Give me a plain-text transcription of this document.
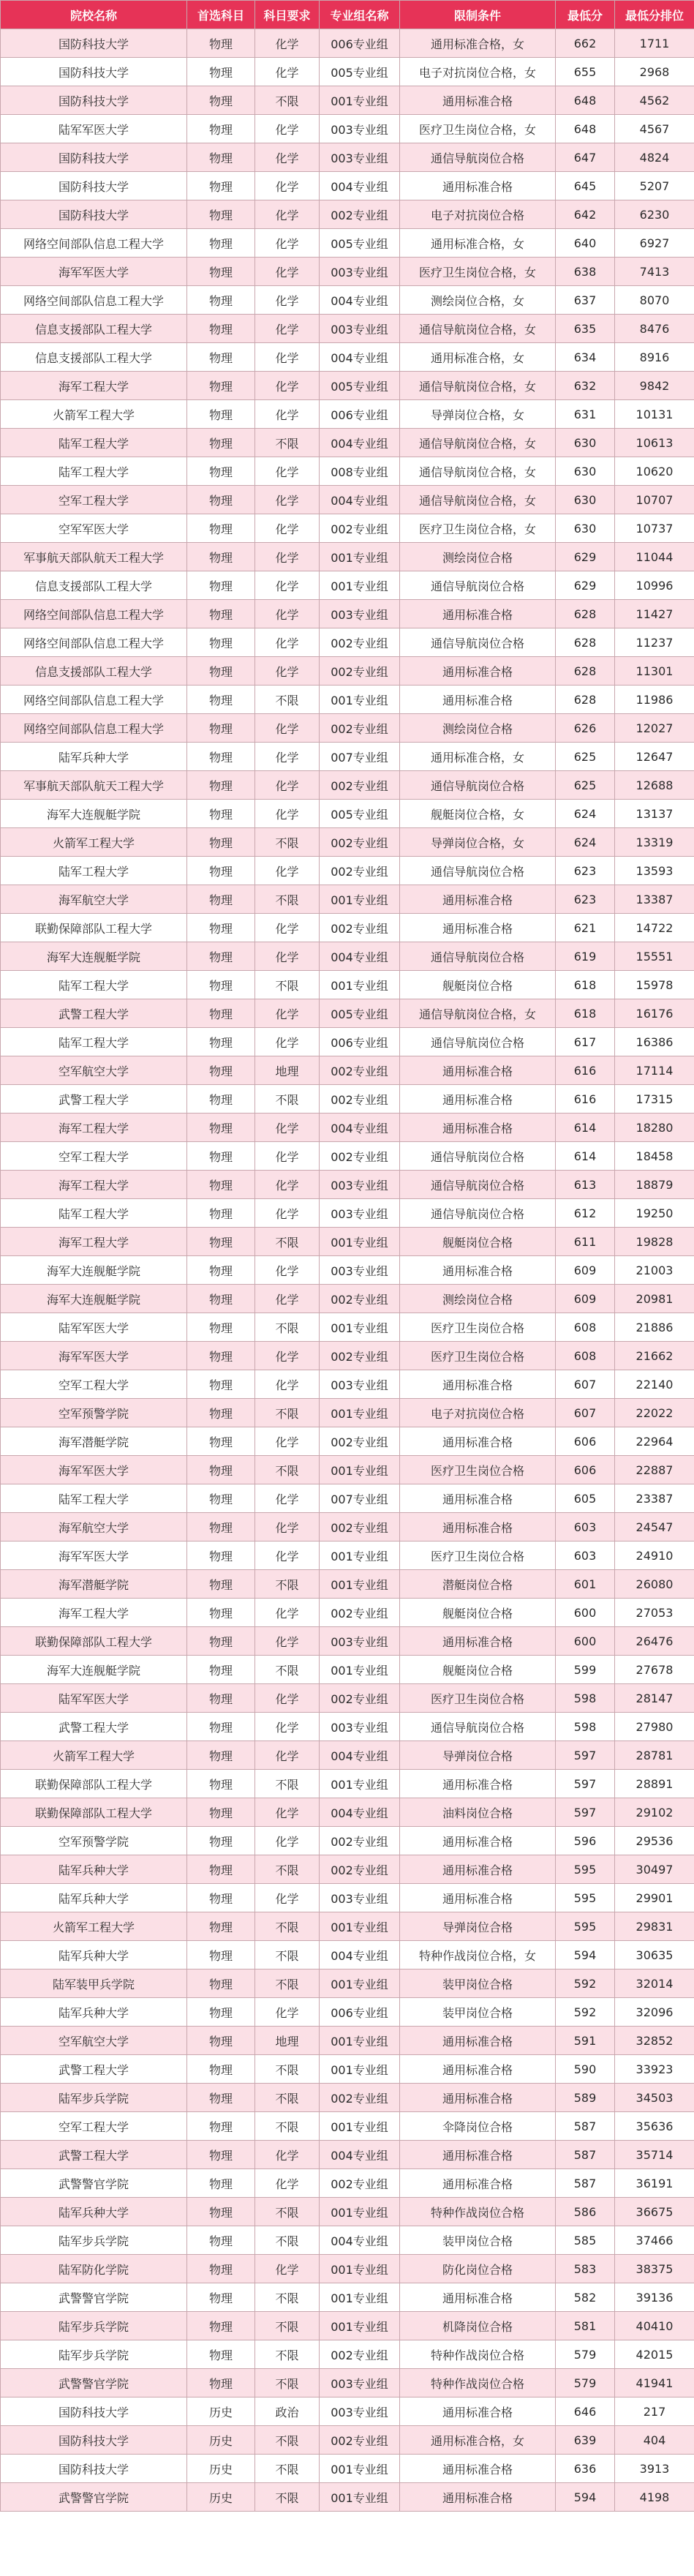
院校名称	首选科目	科目要求	专业组名称	限制条件	最低分	最低分排位
国防科技大学	物理	化学	006专业组	通用标准合格，女	662	1711
国防科技大学	物理	化学	005专业组	电子对抗岗位合格，女	655	2968
国防科技大学	物理	不限	001专业组	通用标准合格	648	4562
陆军军医大学	物理	化学	003专业组	医疗卫生岗位合格，女	648	4567
国防科技大学	物理	化学	003专业组	通信导航岗位合格	647	4824
国防科技大学	物理	化学	004专业组	通用标准合格	645	5207
国防科技大学	物理	化学	002专业组	电子对抗岗位合格	642	6230
网络空间部队信息工程大学	物理	化学	005专业组	通用标准合格，女	640	6927
海军军医大学	物理	化学	003专业组	医疗卫生岗位合格，女	638	7413
网络空间部队信息工程大学	物理	化学	004专业组	测绘岗位合格，女	637	8070
信息支援部队工程大学	物理	化学	003专业组	通信导航岗位合格，女	635	8476
信息支援部队工程大学	物理	化学	004专业组	通用标准合格，女	634	8916
海军工程大学	物理	化学	005专业组	通信导航岗位合格，女	632	9842
火箭军工程大学	物理	化学	006专业组	导弹岗位合格，女	631	10131
陆军工程大学	物理	不限	004专业组	通信导航岗位合格，女	630	10613
陆军工程大学	物理	化学	008专业组	通信导航岗位合格，女	630	10620
空军工程大学	物理	化学	004专业组	通信导航岗位合格，女	630	10707
空军军医大学	物理	化学	002专业组	医疗卫生岗位合格，女	630	10737
军事航天部队航天工程大学	物理	化学	001专业组	测绘岗位合格	629	11044
信息支援部队工程大学	物理	化学	001专业组	通信导航岗位合格	629	10996
网络空间部队信息工程大学	物理	化学	003专业组	通用标准合格	628	11427
网络空间部队信息工程大学	物理	化学	002专业组	通信导航岗位合格	628	11237
信息支援部队工程大学	物理	化学	002专业组	通用标准合格	628	11301
网络空间部队信息工程大学	物理	不限	001专业组	通用标准合格	628	11986
网络空间部队信息工程大学	物理	化学	002专业组	测绘岗位合格	626	12027
陆军兵种大学	物理	化学	007专业组	通用标准合格，女	625	12647
军事航天部队航天工程大学	物理	化学	002专业组	通信导航岗位合格	625	12688
海军大连舰艇学院	物理	化学	005专业组	舰艇岗位合格，女	624	13137
火箭军工程大学	物理	不限	002专业组	导弹岗位合格，女	624	13319
陆军工程大学	物理	化学	002专业组	通信导航岗位合格	623	13593
海军航空大学	物理	不限	001专业组	通用标准合格	623	13387
联勤保障部队工程大学	物理	化学	002专业组	通用标准合格	621	14722
海军大连舰艇学院	物理	化学	004专业组	通信导航岗位合格	619	15551
陆军工程大学	物理	不限	001专业组	舰艇岗位合格	618	15978
武警工程大学	物理	化学	005专业组	通信导航岗位合格，女	618	16176
陆军工程大学	物理	化学	006专业组	通信导航岗位合格	617	16386
空军航空大学	物理	地理	002专业组	通用标准合格	616	17114
武警工程大学	物理	不限	002专业组	通用标准合格	616	17315
海军工程大学	物理	化学	004专业组	通用标准合格	614	18280
空军工程大学	物理	化学	002专业组	通信导航岗位合格	614	18458
海军工程大学	物理	化学	003专业组	通信导航岗位合格	613	18879
陆军工程大学	物理	化学	003专业组	通信导航岗位合格	612	19250
海军工程大学	物理	不限	001专业组	舰艇岗位合格	611	19828
海军大连舰艇学院	物理	化学	003专业组	通用标准合格	609	21003
海军大连舰艇学院	物理	化学	002专业组	测绘岗位合格	609	20981
陆军军医大学	物理	不限	001专业组	医疗卫生岗位合格	608	21886
海军军医大学	物理	化学	002专业组	医疗卫生岗位合格	608	21662
空军工程大学	物理	化学	003专业组	通用标准合格	607	22140
空军预警学院	物理	不限	001专业组	电子对抗岗位合格	607	22022
海军潜艇学院	物理	化学	002专业组	通用标准合格	606	22964
海军军医大学	物理	不限	001专业组	医疗卫生岗位合格	606	22887
陆军工程大学	物理	化学	007专业组	通用标准合格	605	23387
海军航空大学	物理	化学	002专业组	通用标准合格	603	24547
海军军医大学	物理	化学	001专业组	医疗卫生岗位合格	603	24910
海军潜艇学院	物理	不限	001专业组	潜艇岗位合格	601	26080
海军工程大学	物理	化学	002专业组	舰艇岗位合格	600	27053
联勤保障部队工程大学	物理	化学	003专业组	通用标准合格	600	26476
海军大连舰艇学院	物理	不限	001专业组	舰艇岗位合格	599	27678
陆军军医大学	物理	化学	002专业组	医疗卫生岗位合格	598	28147
武警工程大学	物理	化学	003专业组	通信导航岗位合格	598	27980
火箭军工程大学	物理	化学	004专业组	导弹岗位合格	597	28781
联勤保障部队工程大学	物理	不限	001专业组	通用标准合格	597	28891
联勤保障部队工程大学	物理	化学	004专业组	油料岗位合格	597	29102
空军预警学院	物理	化学	002专业组	通用标准合格	596	29536
陆军兵种大学	物理	不限	002专业组	通用标准合格	595	30497
陆军兵种大学	物理	化学	003专业组	通用标准合格	595	29901
火箭军工程大学	物理	不限	001专业组	导弹岗位合格	595	29831
陆军兵种大学	物理	不限	004专业组	特种作战岗位合格，女	594	30635
陆军装甲兵学院	物理	不限	001专业组	装甲岗位合格	592	32014
陆军兵种大学	物理	化学	006专业组	装甲岗位合格	592	32096
空军航空大学	物理	地理	001专业组	通用标准合格	591	32852
武警工程大学	物理	不限	001专业组	通用标准合格	590	33923
陆军步兵学院	物理	不限	002专业组	通用标准合格	589	34503
空军工程大学	物理	不限	001专业组	伞降岗位合格	587	35636
武警工程大学	物理	化学	004专业组	通用标准合格	587	35714
武警警官学院	物理	化学	002专业组	通用标准合格	587	36191
陆军兵种大学	物理	不限	001专业组	特种作战岗位合格	586	36675
陆军步兵学院	物理	不限	004专业组	装甲岗位合格	585	37466
陆军防化学院	物理	化学	001专业组	防化岗位合格	583	38375
武警警官学院	物理	不限	001专业组	通用标准合格	582	39136
陆军步兵学院	物理	不限	001专业组	机降岗位合格	581	40410
陆军步兵学院	物理	不限	002专业组	特种作战岗位合格	579	42015
武警警官学院	物理	不限	003专业组	特种作战岗位合格	579	41941
国防科技大学	历史	政治	003专业组	通用标准合格	646	217
国防科技大学	历史	不限	002专业组	通用标准合格，女	639	404
国防科技大学	历史	不限	001专业组	通用标准合格	636	3913
武警警官学院	历史	不限	001专业组	通用标准合格	594	4198
